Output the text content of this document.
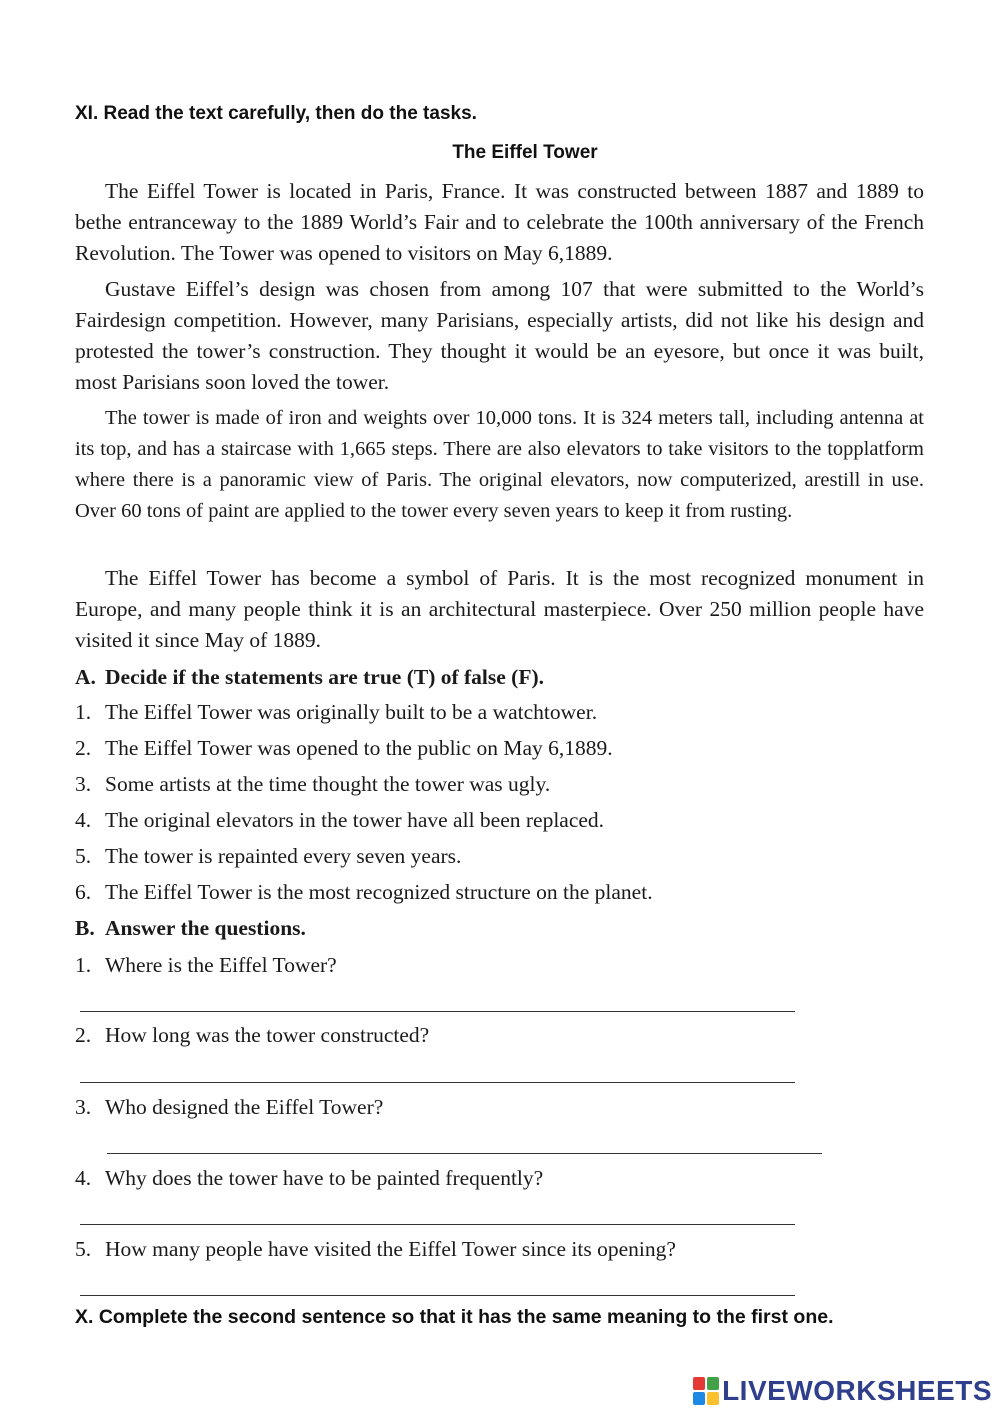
XI. Read the text carefully, then do the tasks.
The Eiffel Tower

The Eiffel Tower is located in Paris, France. It was constructed between 1887 and 1889 to bethe entranceway to the 1889 World’s Fair and to celebrate the 100th anniversary of the French Revolution. The Tower was opened to visitors on May 6,1889.

Gustave Eiffel’s design was chosen from among 107 that were submitted to the World’s Fairdesign competition. However, many Parisians, especially artists, did not like his design and protested the tower’s construction. They thought it would be an eyesore, but once it was built, most Parisians soon loved the tower.

The tower is made of iron and weights over 10,000 tons. It is 324 meters tall, including antenna at its top, and has a staircase with 1,665 steps. There are also elevators to take visitors to the topplatform where there is a panoramic view of Paris. The original elevators, now computerized, arestill in use. Over 60 tons of paint are applied to the tower every seven years to keep it from rusting.

The Eiffel Tower has become a symbol of Paris. It is the most recognized monument in Europe, and many people think it is an architectural masterpiece. Over 250 million people have visited it since May of 1889.

A. Decide if the statements are true (T) of false (F).
1. The Eiffel Tower was originally built to be a watchtower.
2. The Eiffel Tower was opened to the public on May 6,1889.
3. Some artists at the time thought the tower was ugly.
4. The original elevators in the tower have all been replaced.
5. The tower is repainted every seven years.
6. The Eiffel Tower is the most recognized structure on the planet.
B. Answer the questions.
1. Where is the Eiffel Tower?
2. How long was the tower constructed?
3. Who designed the Eiffel Tower?
4. Why does the tower have to be painted frequently?
5. How many people have visited the Eiffel Tower since its opening?
X. Complete the second sentence so that it has the same meaning to the first one.
LIVEWORKSHEETS
